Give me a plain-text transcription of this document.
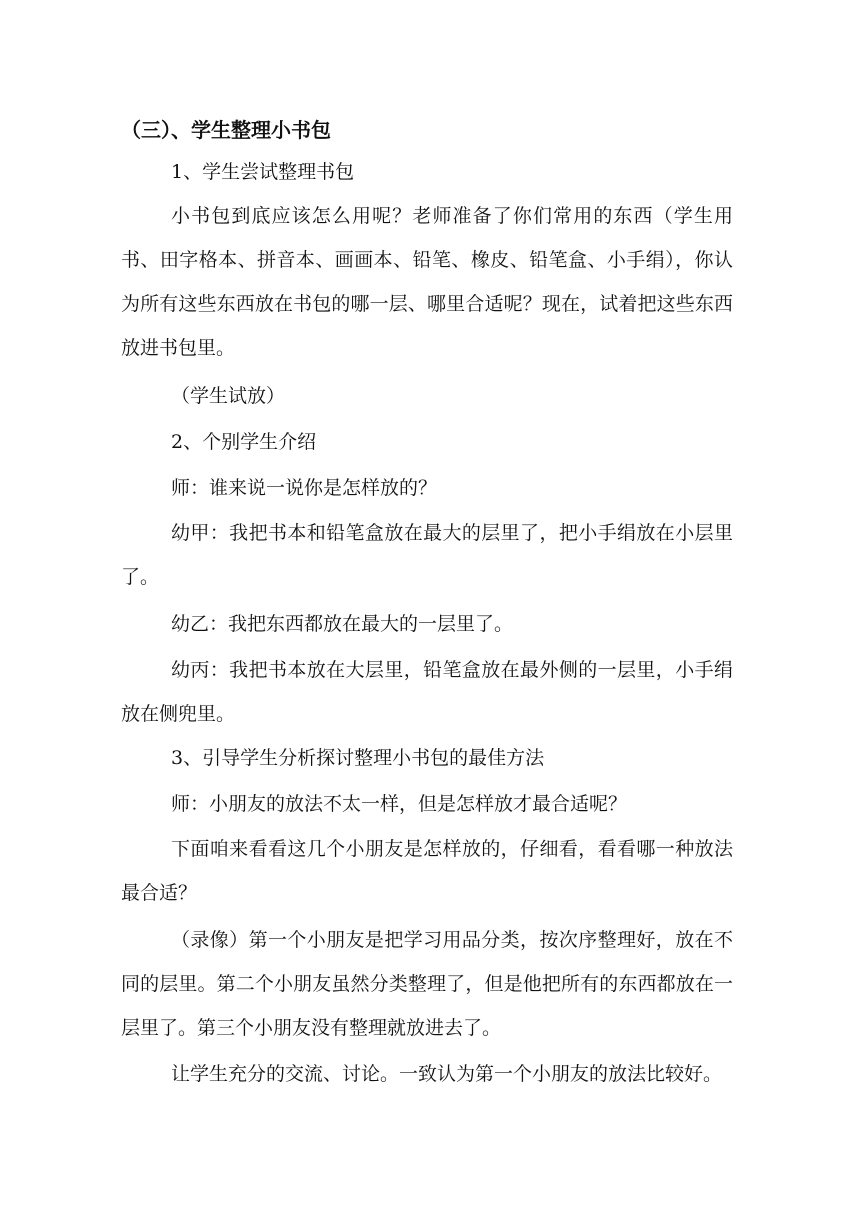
（三）、学生整理小书包

1、学生尝试整理书包

小书包到底应该怎么用呢？老师准备了你们常用的东西（学生用书、田字格本、拼音本、画画本、铅笔、橡皮、铅笔盒、小手绢），你认为所有这些东西放在书包的哪一层、哪里合适呢？现在，试着把这些东西放进书包里。

（学生试放）

2、个别学生介绍

师：谁来说一说你是怎样放的？

幼甲：我把书本和铅笔盒放在最大的层里了，把小手绢放在小层里了。

幼乙：我把东西都放在最大的一层里了。

幼丙：我把书本放在大层里，铅笔盒放在最外侧的一层里，小手绢放在侧兜里。

3、引导学生分析探讨整理小书包的最佳方法

师：小朋友的放法不太一样，但是怎样放才最合适呢？

下面咱来看看这几个小朋友是怎样放的，仔细看，看看哪一种放法最合适？

（录像）第一个小朋友是把学习用品分类，按次序整理好，放在不同的层里。第二个小朋友虽然分类整理了，但是他把所有的东西都放在一层里了。第三个小朋友没有整理就放进去了。

让学生充分的交流、讨论。一致认为第一个小朋友的放法比较好。
